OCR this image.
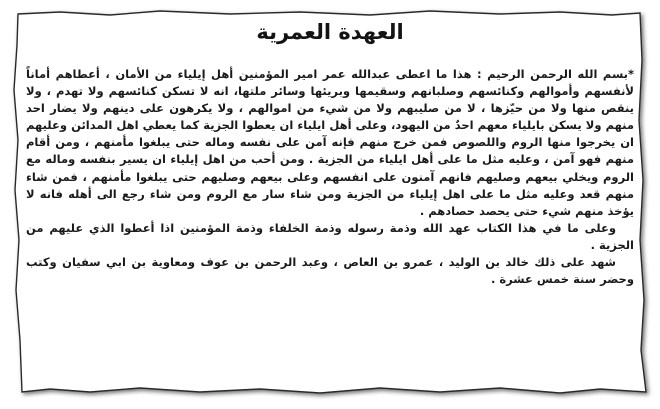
العهدة العمرية

*بسم الله الرحمن الرحيم : هذا ما اعطى عبدالله عمر امير المؤمنين أهل إيلياء من الأمان ، أعطاهم أماناً لأنفسهم وأموالهم وكنائسهم وصلبانهم وسقيمها وبريئها وسائر ملتها، انه لا تسكن كنائسهم ولا تهدم ، ولا ينقص منها ولا من حيّزها ، لا من صليبهم ولا من شيء من اموالهم ، ولا يكرهون على دينهم ولا يضار احد منهم ولا يسكن بايلياء معهم احدٌ من اليهود، وعلى أهل ايلياء ان يعطوا الجزية كما يعطي اهل المدائن وعليهم ان يخرجوا منها الروم واللصوص فمن خرج منهم فإنه آمن على نفسه وماله حتى يبلغوا مأمنهم ، ومن أقام منهم فهو آمن ، وعليه مثل ما على أهل ايلياء من الجزية . ومن أحب من اهل إيلياء ان يسير بنفسه وماله مع الروم ويخلي بيعهم وصليهم فانهم آمنون على انفسهم وعلى بيعهم وصليهم حتى يبلغوا مأمنهم ، فمن شاء منهم قعد وعليه مثل ما على اهل إيلياء من الجزية ومن شاء سار مع الروم ومن شاء رجع الى أهله فانه لا يؤخذ منهم شيء حتى يحصد حصادهم .

وعلى ما في هذا الكتاب عهد الله وذمة رسوله وذمة الخلفاء وذمة المؤمنين اذا أعطوا الذي عليهم من الجزية .

شهد على ذلك خالد بن الوليد ، عمرو بن العاص ، وعبد الرحمن بن عوف ومعاوية بن ابي سفيان وكتب وحضر سنة خمس عشرة .
